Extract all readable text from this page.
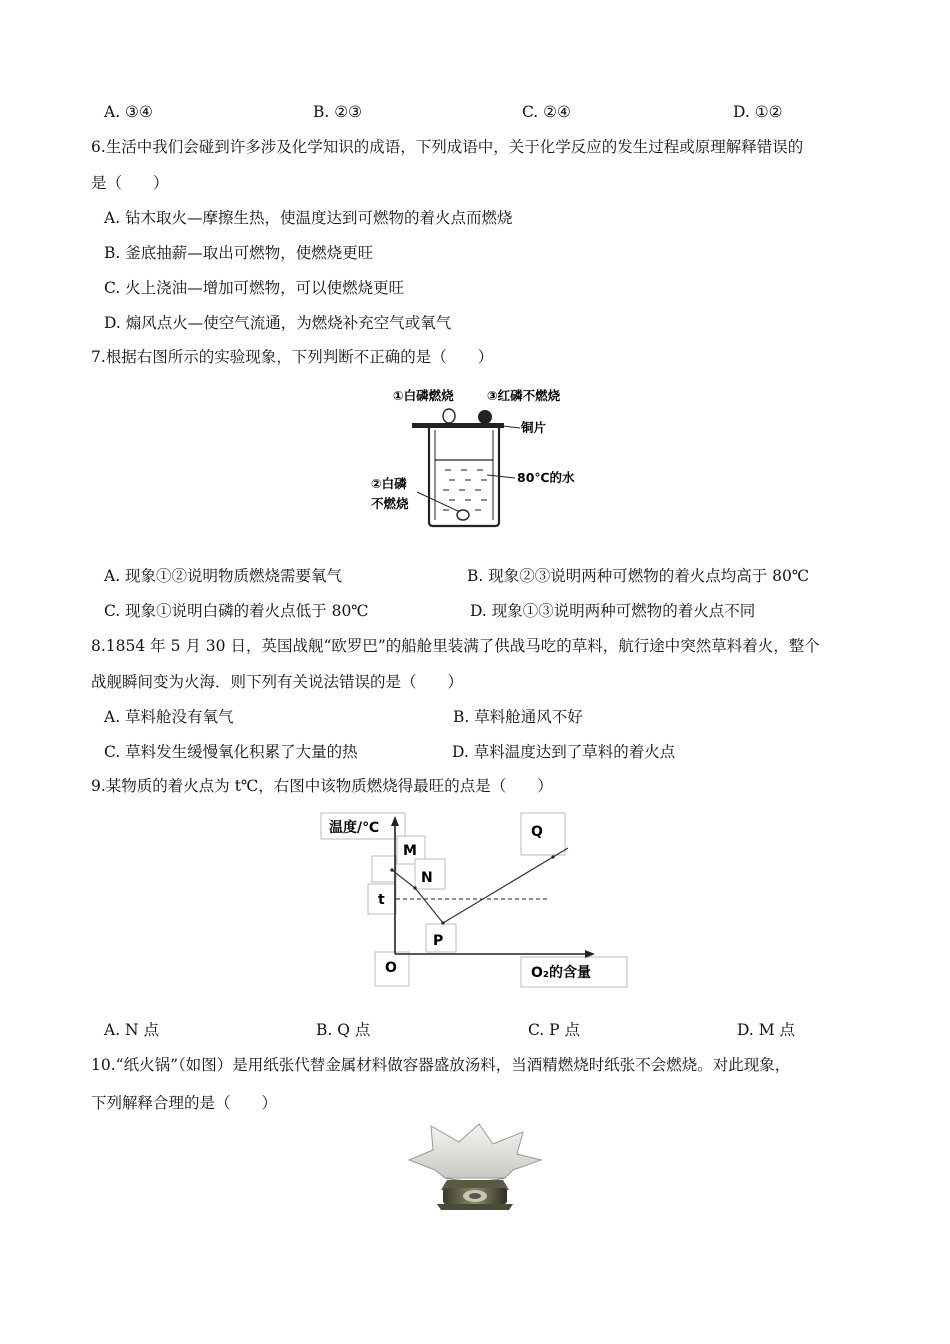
A. ③④	B. ②③	C. ②④	D. ①②
6.生活中我们会碰到许多涉及化学知识的成语，下列成语中，关于化学反应的发生过程或原理解释错误的
是（　　）
A. 钻木取火—摩擦生热，使温度达到可燃物的着火点而燃烧
B. 釜底抽薪—取出可燃物，使燃烧更旺
C. 火上浇油—增加可燃物，可以使燃烧更旺
D. 煽风点火—使空气流通，为燃烧补充空气或氧气
7.根据右图所示的实验现象，下列判断不正确的是（　　）
①白磷燃烧	③红磷不燃烧
铜片
80℃的水
②白磷
不燃烧
A. 现象①②说明物质燃烧需要氧气	B. 现象②③说明两种可燃物的着火点均高于 80℃
C. 现象①说明白磷的着火点低于 80℃	D. 现象①③说明两种可燃物的着火点不同
8.1854 年 5 月 30 日，英国战舰“欧罗巴”的船舱里装满了供战马吃的草料，航行途中突然草料着火，整个
战舰瞬间变为火海．则下列有关说法错误的是（　　）
A. 草料舱没有氧气	B. 草料舱通风不好
C. 草料发生缓慢氧化积累了大量的热	D. 草料温度达到了草料的着火点
9.某物质的着火点为 t℃，右图中该物质燃烧得最旺的点是（　　）
温度/℃
M
N
t
Q
P
O	O₂的含量
A. N 点	B. Q 点	C. P 点	D. M 点
10.“纸火锅”（如图）是用纸张代替金属材料做容器盛放汤料，当酒精燃烧时纸张不会燃烧。对此现象，
下列解释合理的是（　　）
